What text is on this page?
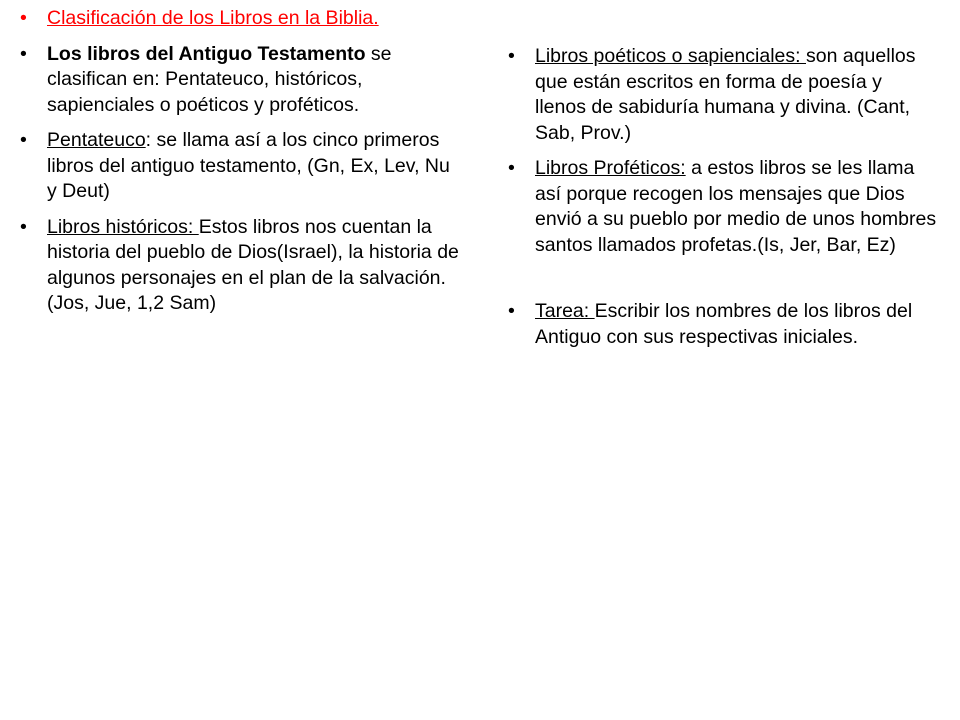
•	Clasificación de los Libros en la Biblia.
•	Los libros del Antiguo Testamento se clasifican en: Pentateuco, históricos, sapienciales o poéticos y proféticos.
•	Pentateuco: se llama así a los cinco primeros libros del antiguo testamento, (Gn, Ex, Lev, Nu y Deut)
•	Libros históricos: Estos libros nos cuentan la historia del pueblo de Dios(Israel), la historia de algunos personajes en el plan de la salvación. (Jos, Jue, 1,2 Sam)
•	Libros poéticos o sapienciales: son aquellos que están escritos en forma de poesía y llenos de sabiduría humana y divina. (Cant, Sab, Prov.)
•	Libros Proféticos: a estos libros se les llama así porque recogen los mensajes que Dios envió a su pueblo por medio de unos hombres santos llamados profetas.(Is, Jer, Bar, Ez)
•	Tarea: Escribir los nombres de los libros del Antiguo con sus respectivas iniciales.
